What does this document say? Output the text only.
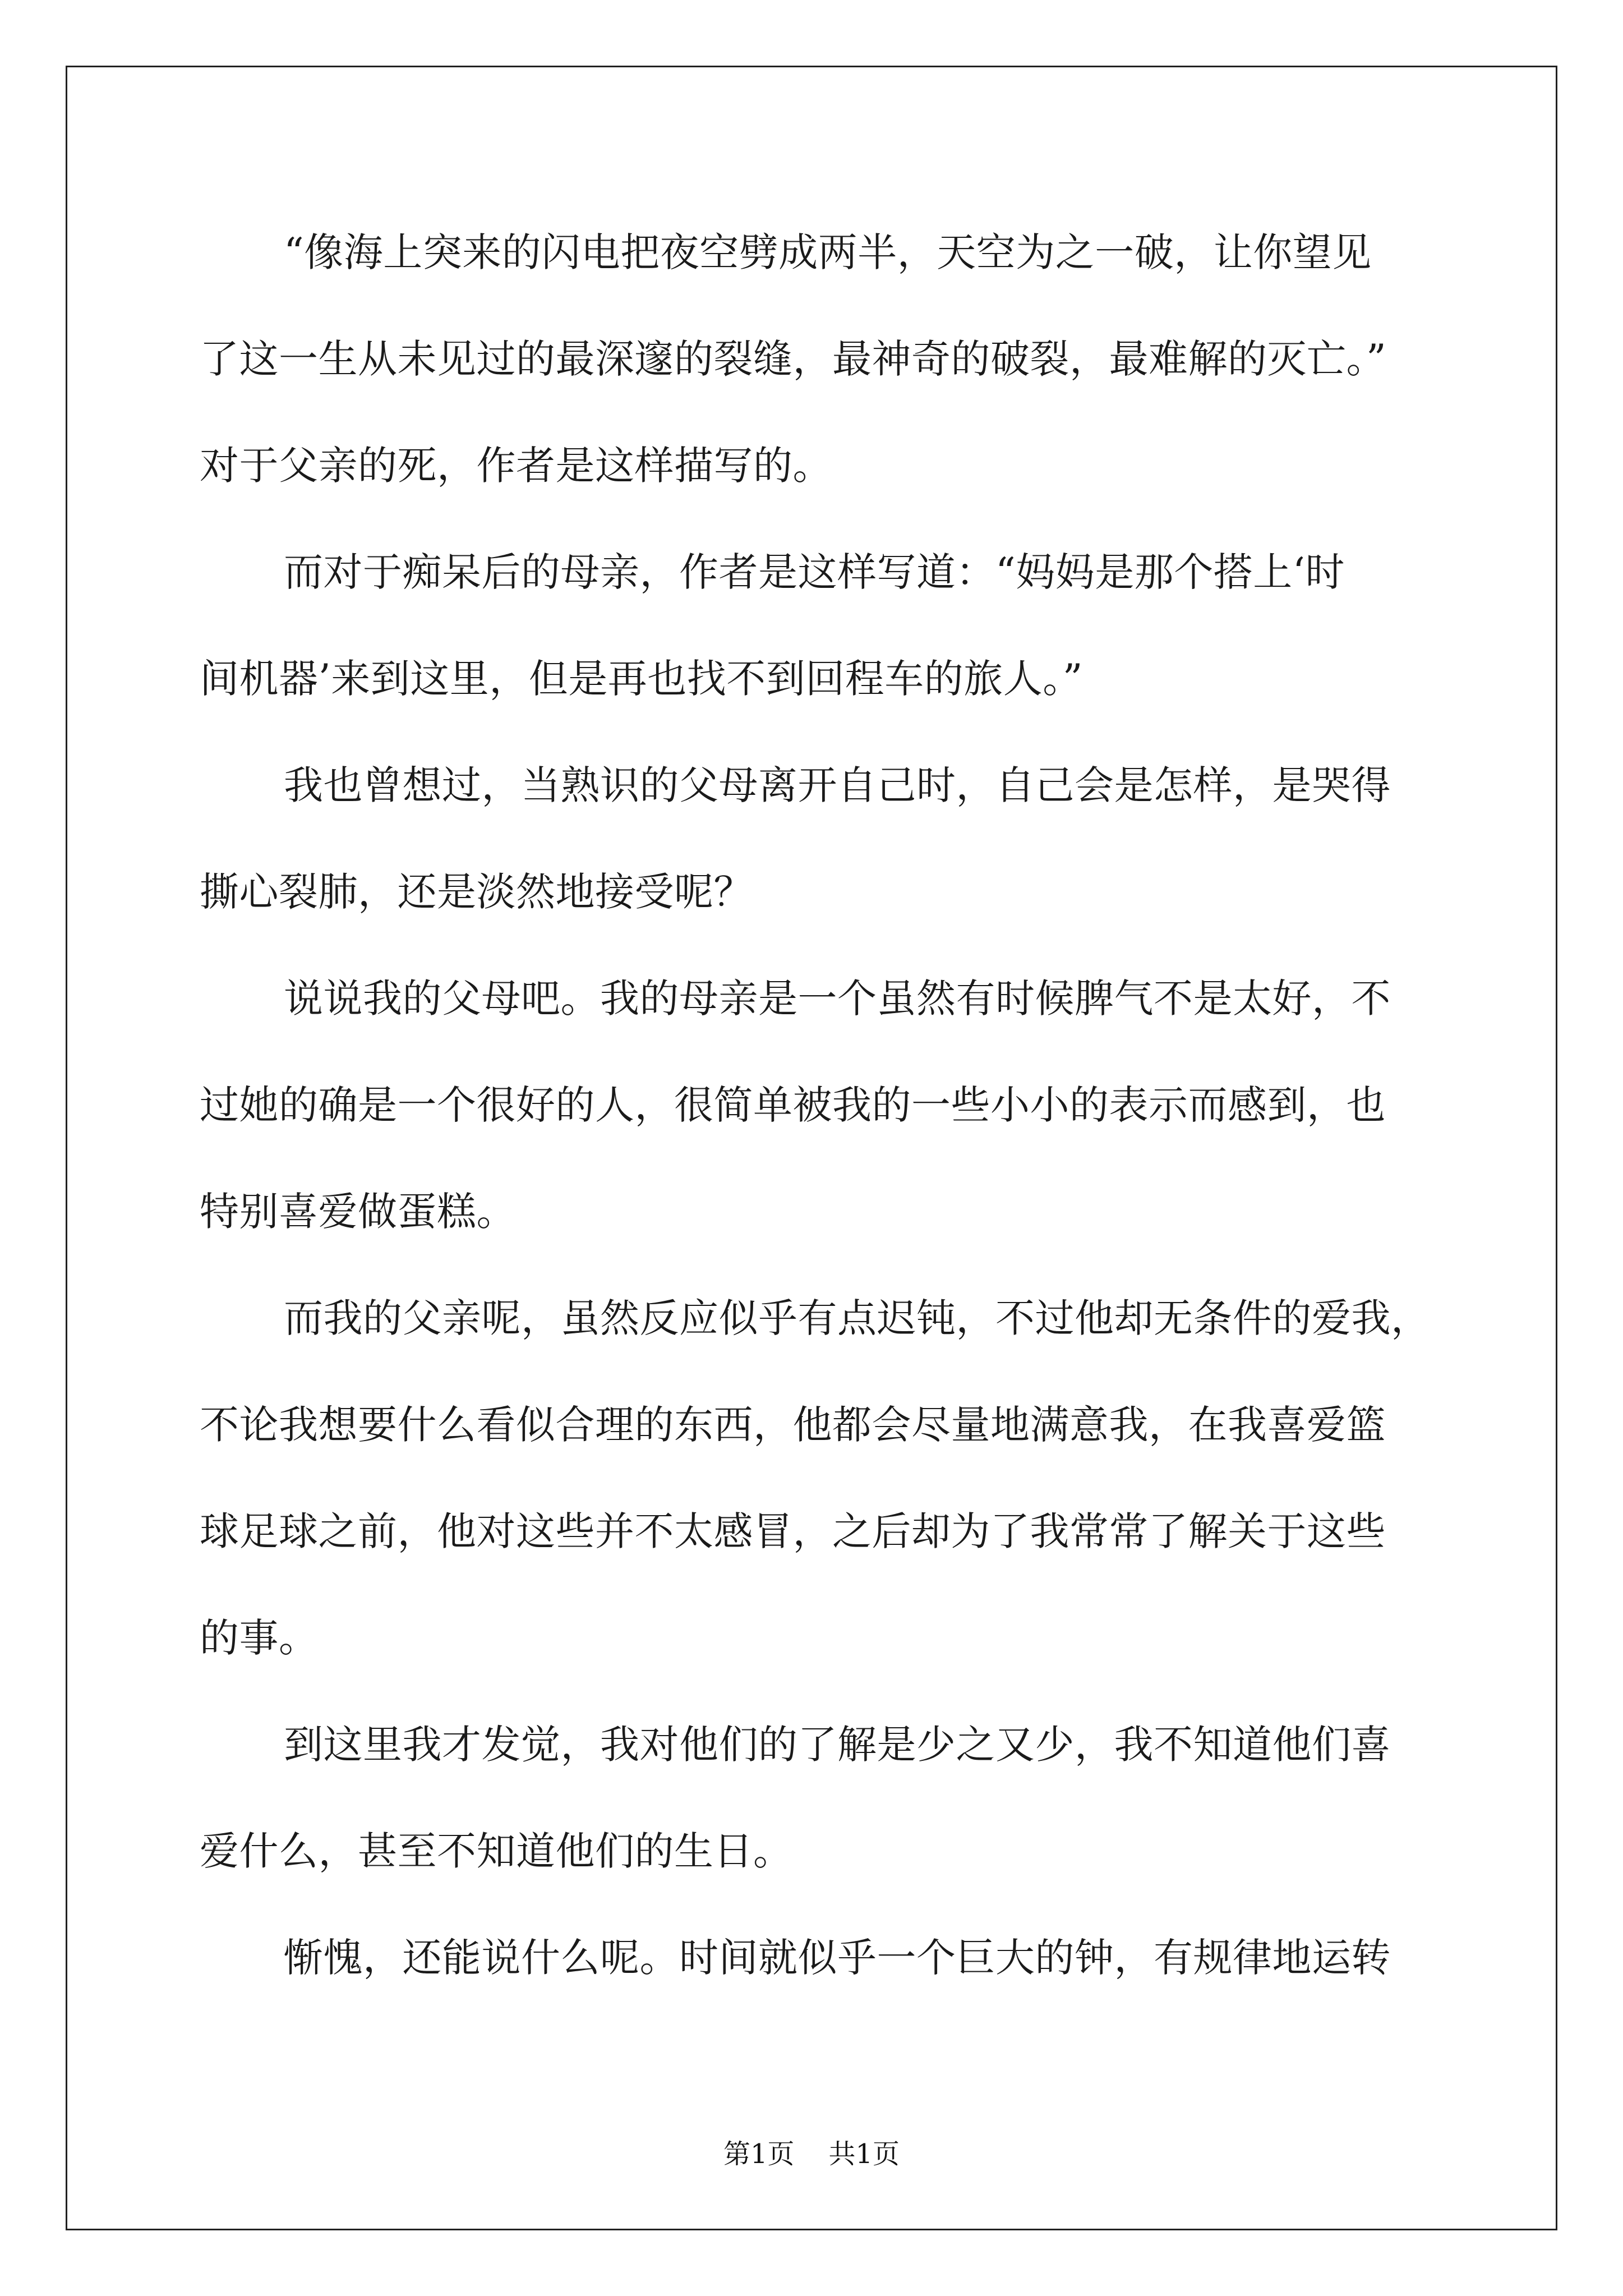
“像海上突来的闪电把夜空劈成两半，天空为之一破，让你望见
了这一生从未见过的最深邃的裂缝，最神奇的破裂，最难解的灭亡。”
对于父亲的死，作者是这样描写的。
而对于痴呆后的母亲，作者是这样写道：“妈妈是那个搭上‘时
间机器’来到这里，但是再也找不到回程车的旅人。”
我也曾想过，当熟识的父母离开自己时，自己会是怎样，是哭得
撕心裂肺，还是淡然地接受呢？
说说我的父母吧。我的母亲是一个虽然有时候脾气不是太好，不
过她的确是一个很好的人，很简单被我的一些小小的表示而感到，也
特别喜爱做蛋糕。
而我的父亲呢，虽然反应似乎有点迟钝，不过他却无条件的爱我，
不论我想要什么看似合理的东西，他都会尽量地满意我，在我喜爱篮
球足球之前，他对这些并不太感冒，之后却为了我常常了解关于这些
的事。
到这里我才发觉，我对他们的了解是少之又少，我不知道他们喜
爱什么，甚至不知道他们的生日。
惭愧，还能说什么呢。时间就似乎一个巨大的钟，有规律地运转
第1页 共1页
